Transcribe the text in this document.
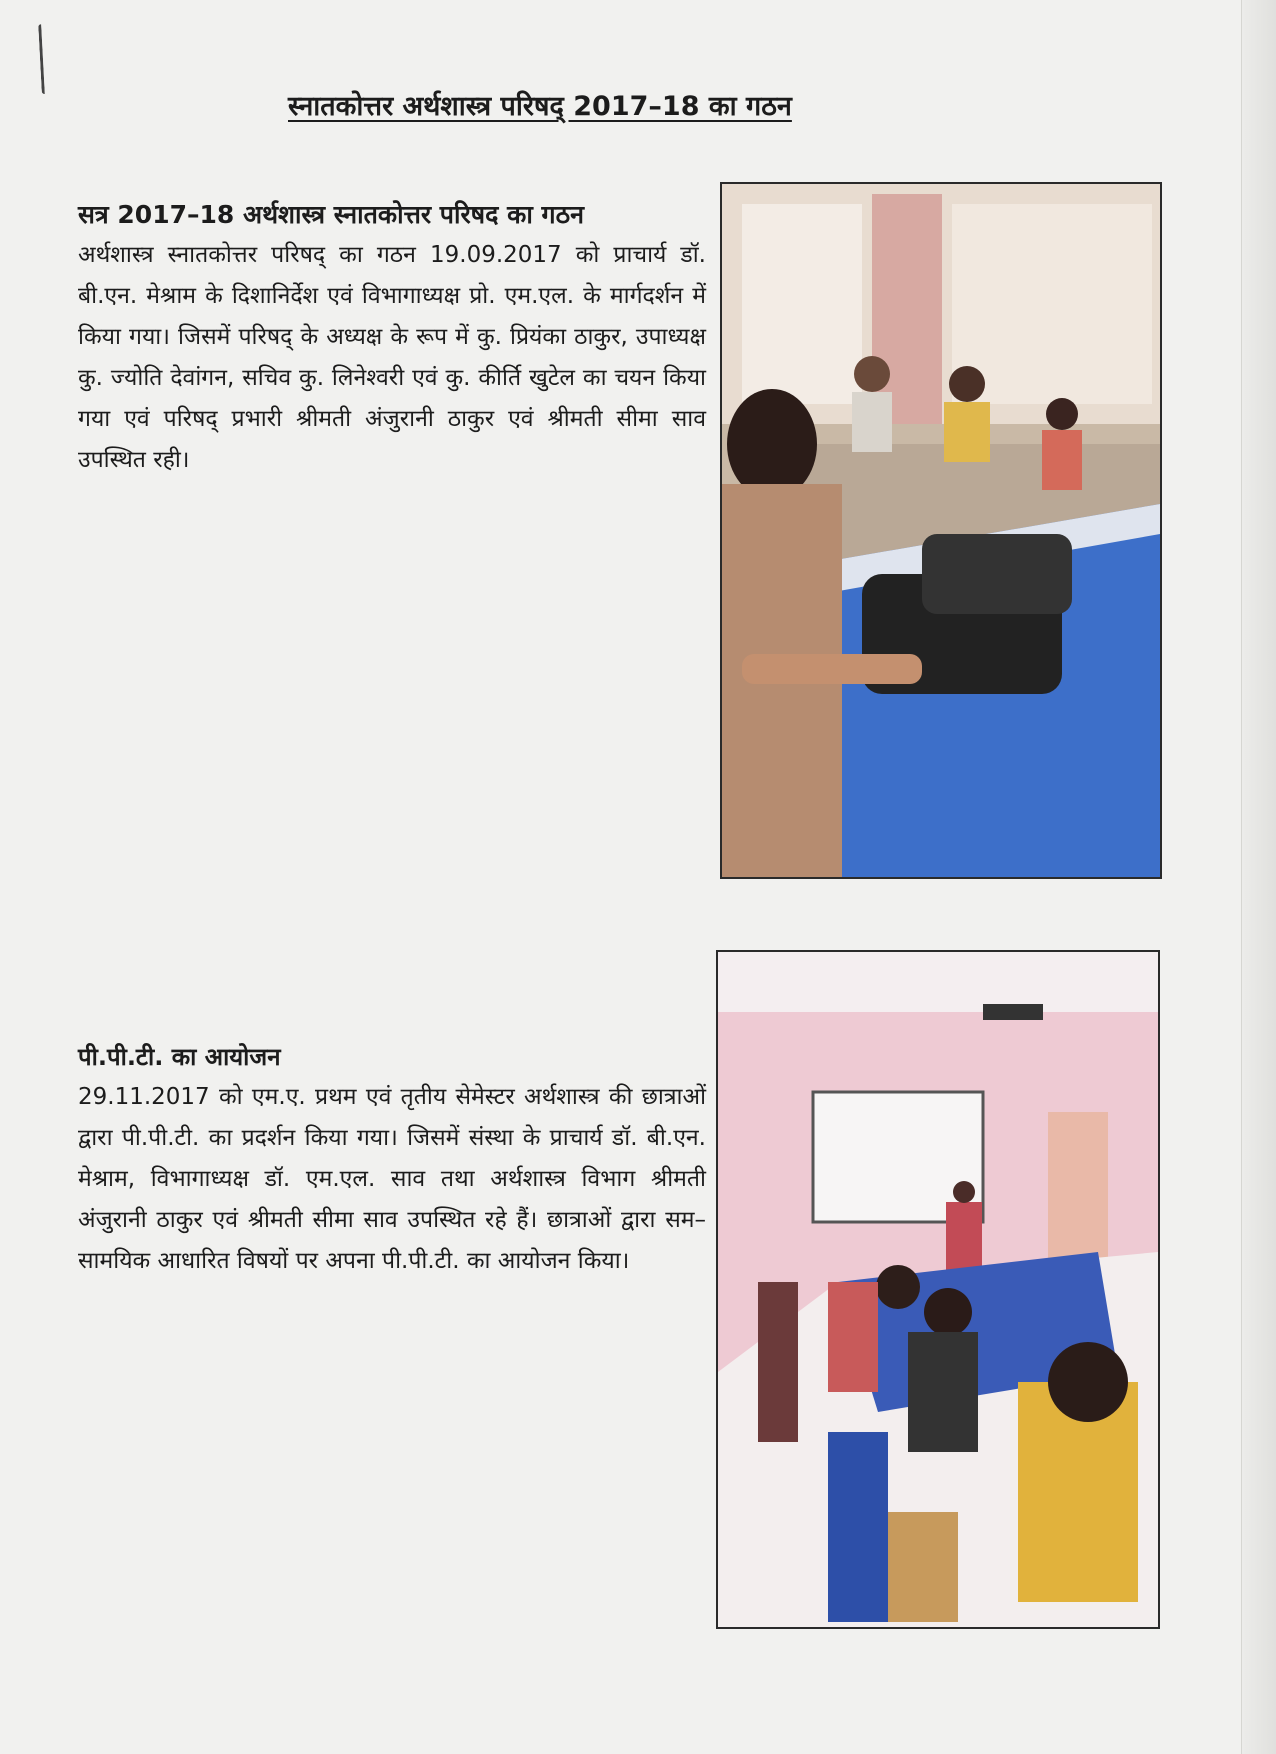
स्नातकोत्तर अर्थशास्त्र परिषद् 2017–18 का गठन
सत्र 2017–18 अर्थशास्त्र स्नातकोत्तर परिषद का गठन

अर्थशास्त्र स्नातकोत्तर परिषद् का गठन 19.09.2017 को प्राचार्य डॉ. बी.एन. मेश्राम के दिशानिर्देश एवं विभागाध्यक्ष प्रो. एम.एल. के मार्गदर्शन में किया गया। जिसमें परिषद् के अध्यक्ष के रूप में कु. प्रियंका ठाकुर, उपाध्यक्ष कु. ज्योति देवांगन, सचिव कु. लिनेश्वरी एवं कु. कीर्ति खुटेल का चयन किया गया एवं परिषद् प्रभारी श्रीमती अंजुरानी ठाकुर एवं श्रीमती सीमा साव उपस्थित रही।

पी.पी.टी. का आयोजन

29.11.2017 को एम.ए. प्रथम एवं तृतीय सेमेस्टर अर्थशास्त्र की छात्राओं द्वारा पी.पी.टी. का प्रदर्शन किया गया। जिसमें संस्था के प्राचार्य डॉ. बी.एन. मेश्राम, विभागाध्यक्ष डॉ. एम.एल. साव तथा अर्थशास्त्र विभाग श्रीमती अंजुरानी ठाकुर एवं श्रीमती सीमा साव उपस्थित रहे हैं। छात्राओं द्वारा सम–सामयिक आधारित विषयों पर अपना पी.पी.टी. का आयोजन किया।
